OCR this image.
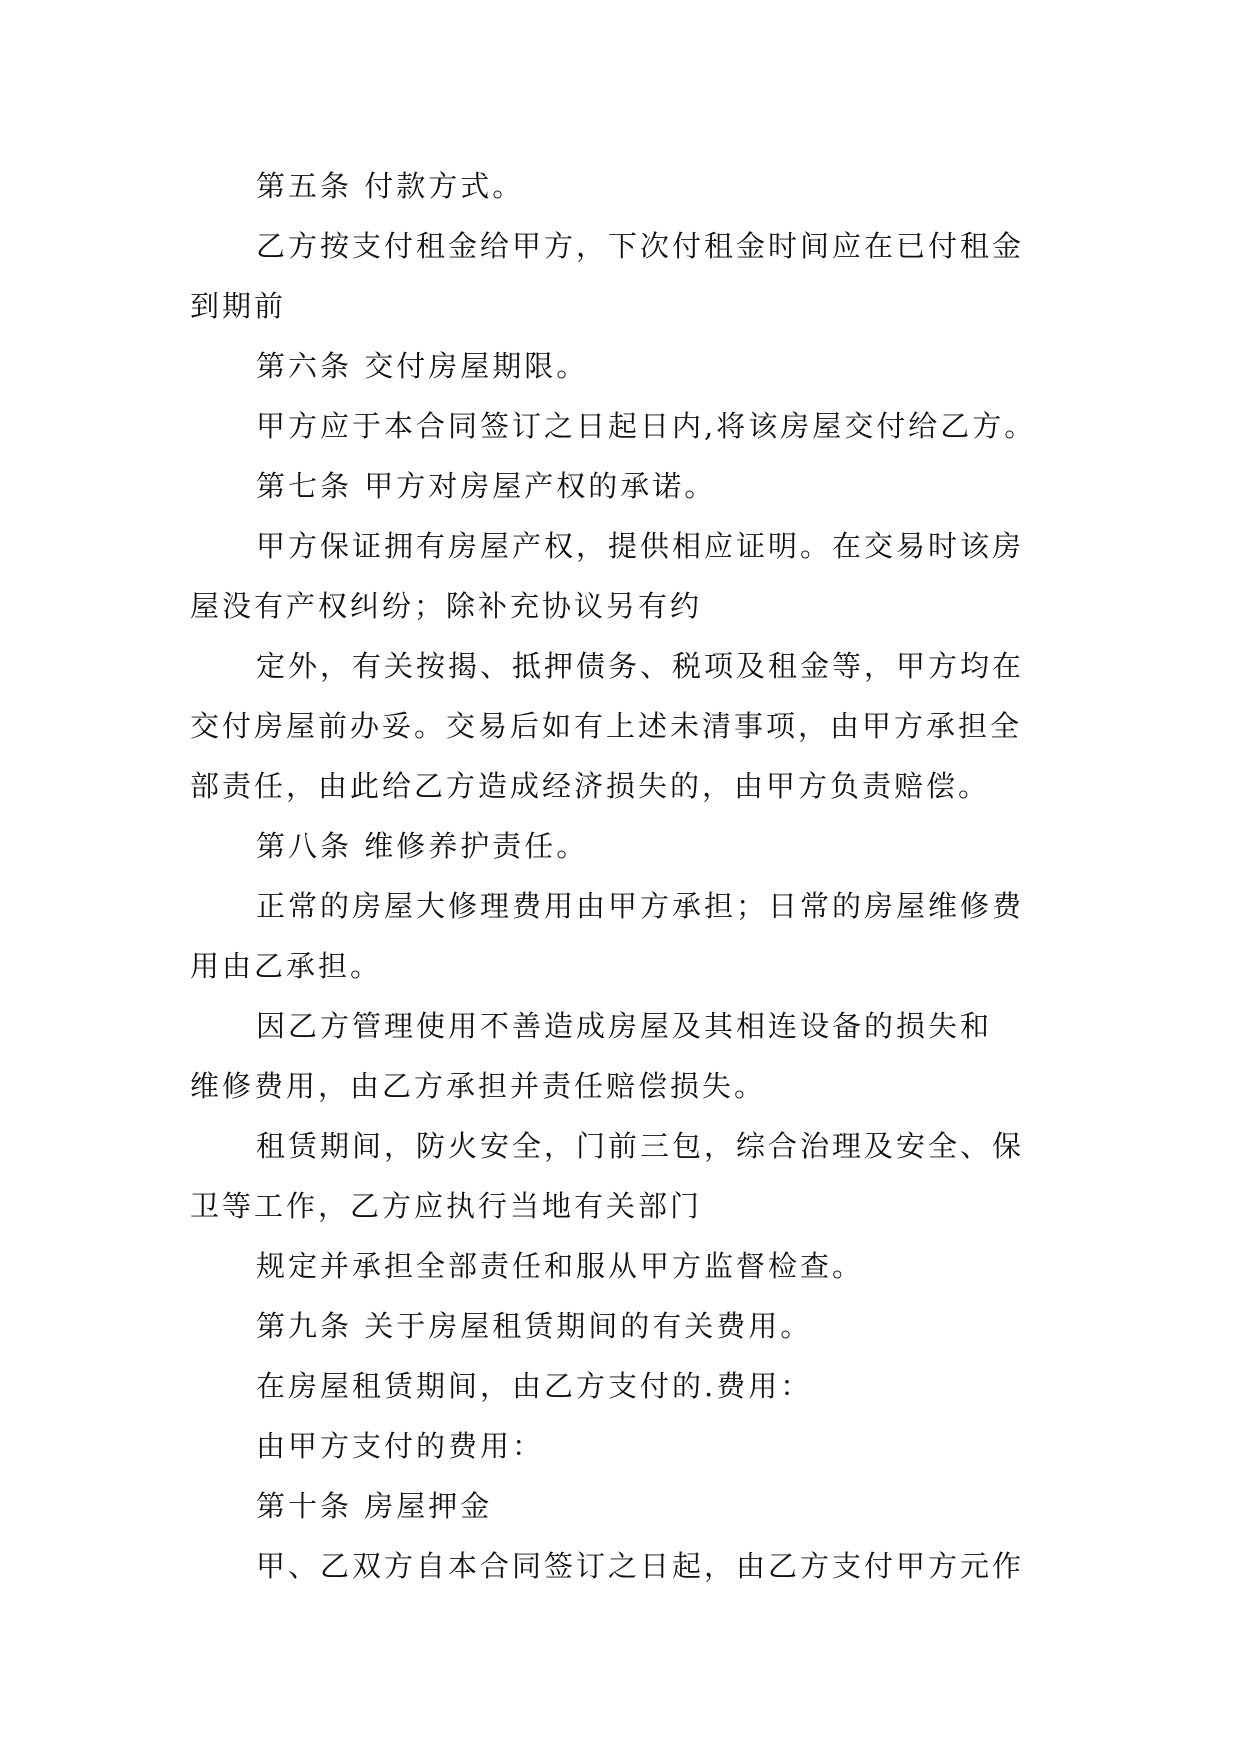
第五条 付款方式。
乙方按支付租金给甲方，下次付租金时间应在已付租金
到期前
第六条 交付房屋期限。
甲方应于本合同签订之日起日内,将该房屋交付给乙方。
第七条 甲方对房屋产权的承诺。
甲方保证拥有房屋产权，提供相应证明。在交易时该房
屋没有产权纠纷；除补充协议另有约
定外，有关按揭、抵押债务、税项及租金等，甲方均在
交付房屋前办妥。交易后如有上述未清事项，由甲方承担全
部责任，由此给乙方造成经济损失的，由甲方负责赔偿。
第八条 维修养护责任。
正常的房屋大修理费用由甲方承担；日常的房屋维修费
用由乙承担。
因乙方管理使用不善造成房屋及其相连设备的损失和
维修费用，由乙方承担并责任赔偿损失。
租赁期间，防火安全，门前三包，综合治理及安全、保
卫等工作，乙方应执行当地有关部门
规定并承担全部责任和服从甲方监督检查。
第九条 关于房屋租赁期间的有关费用。
在房屋租赁期间，由乙方支付的.费用：
由甲方支付的费用：
第十条 房屋押金
甲、乙双方自本合同签订之日起，由乙方支付甲方元作
